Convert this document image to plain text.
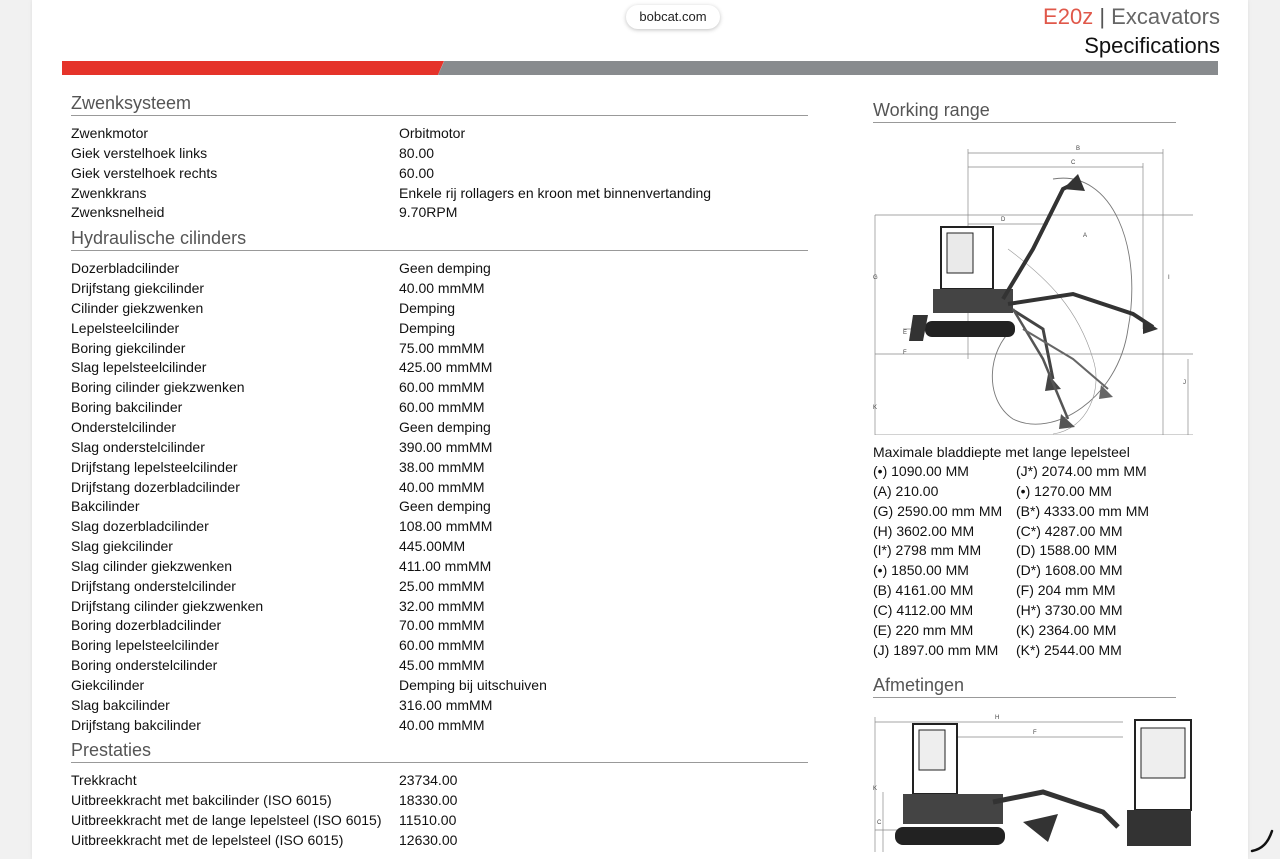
bobcat.com	E20z | Excavators
Specifications
Zwenksysteem
Zwenkmotor	Orbitmotor
Giek verstelhoek links	80.00
Giek verstelhoek rechts	60.00
Zwenkkrans	Enkele rij rollagers en kroon met binnenvertanding
Zwenksnelheid	9.70RPM
Hydraulische cilinders
Dozerbladcilinder	Geen demping
Drijfstang giekcilinder	40.00 mmMM
Cilinder giekzwenken	Demping
Lepelsteelcilinder	Demping
Boring giekcilinder	75.00 mmMM
Slag lepelsteelcilinder	425.00 mmMM
Boring cilinder giekzwenken	60.00 mmMM
Boring bakcilinder	60.00 mmMM
Onderstelcilinder	Geen demping
Slag onderstelcilinder	390.00 mmMM
Drijfstang lepelsteelcilinder	38.00 mmMM
Drijfstang dozerbladcilinder	40.00 mmMM
Bakcilinder	Geen demping
Slag dozerbladcilinder	108.00 mmMM
Slag giekcilinder	445.00MM
Slag cilinder giekzwenken	411.00 mmMM
Drijfstang onderstelcilinder	25.00 mmMM
Drijfstang cilinder giekzwenken	32.00 mmMM
Boring dozerbladcilinder	70.00 mmMM
Boring lepelsteelcilinder	60.00 mmMM
Boring onderstelcilinder	45.00 mmMM
Giekcilinder	Demping bij uitschuiven
Slag bakcilinder	316.00 mmMM
Drijfstang bakcilinder	40.00 mmMM
Prestaties
Trekkracht	23734.00
Uitbreekkracht met bakcilinder (ISO 6015)	18330.00
Uitbreekkracht met de lange lepelsteel (ISO 6015) 11510.00
Uitbreekkracht met de lepelsteel (ISO 6015)	12630.00
Working range
B
C
D
A
G	I
J
K
E
F
Maximale bladdiepte met lange lepelsteel
(•) 1090.00 MM	(J*) 2074.00 mm MM
(A) 210.00	(•) 1270.00 MM
(G) 2590.00 mm MM (B*) 4333.00 mm MM
(H) 3602.00 MM	(C*) 4287.00 MM
(I*) 2798 mm MM (D) 1588.00 MM
(•) 1850.00 MM	(D*) 1608.00 MM
(B) 4161.00 MM	(F) 204 mm MM
(C) 4112.00 MM	(H*) 3730.00 MM
(E) 220 mm MM	(K) 2364.00 MM
(J) 1897.00 mm MM (K*) 2544.00 MM
Afmetingen
H
F
C
K
